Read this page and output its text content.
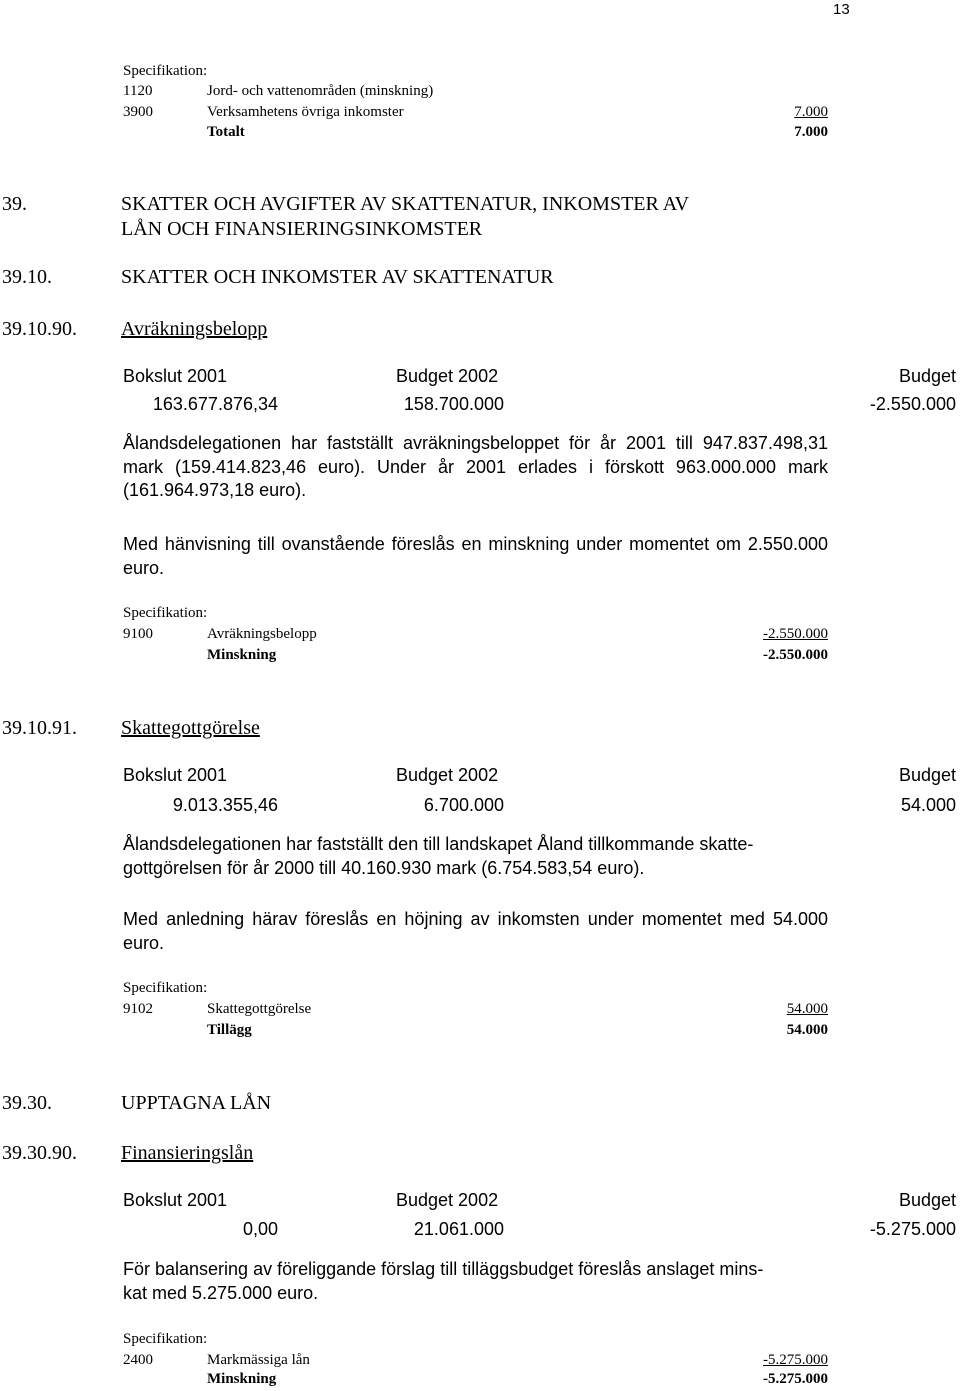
13
Specifikation:
1120	Jord- och vattenområden (minskning)
3900	Verksamhetens övriga inkomster	7.000
Totalt	7.000
39.	SKATTER OCH AVGIFTER AV SKATTENATUR, INKOMSTER AV
LÅN OCH FINANSIERINGSINKOMSTER
39.10.	SKATTER OCH INKOMSTER AV SKATTENATUR
39.10.90. Avräkningsbelopp
Bokslut 2001	Budget 2002	Budget
163.677.876,34	158.700.000	-2.550.000
Ålandsdelegationen har fastställt avräkningsbeloppet för år 2001 till 947.837.498,31 mark (159.414.823,46 euro). Under år 2001 erlades i förskott 963.000.000 mark (161.964.973,18 euro).
Med hänvisning till ovanstående föreslås en minskning under momentet om 2.550.000 euro.
Specifikation:
9100	Avräkningsbelopp	-2.550.000
Minskning	-2.550.000
39.10.91. Skattegottgörelse
Bokslut 2001	Budget 2002	Budget
9.013.355,46	6.700.000	54.000
Ålandsdelegationen har fastställt den till landskapet Åland tillkommande skatte-
gottgörelsen för år 2000 till 40.160.930 mark (6.754.583,54 euro).
Med anledning härav föreslås en höjning av inkomsten under momentet med 54.000 euro.
Specifikation:
9102	Skattegottgörelse	54.000
Tillägg	54.000
39.30.	UPPTAGNA LÅN
39.30.90. Finansieringslån
Bokslut 2001	Budget 2002	Budget
0,00	21.061.000	-5.275.000
För balansering av föreliggande förslag till tilläggsbudget föreslås anslaget mins-
kat med 5.275.000 euro.
Specifikation:
2400	Markmässiga lån	-5.275.000
Minskning	-5.275.000
